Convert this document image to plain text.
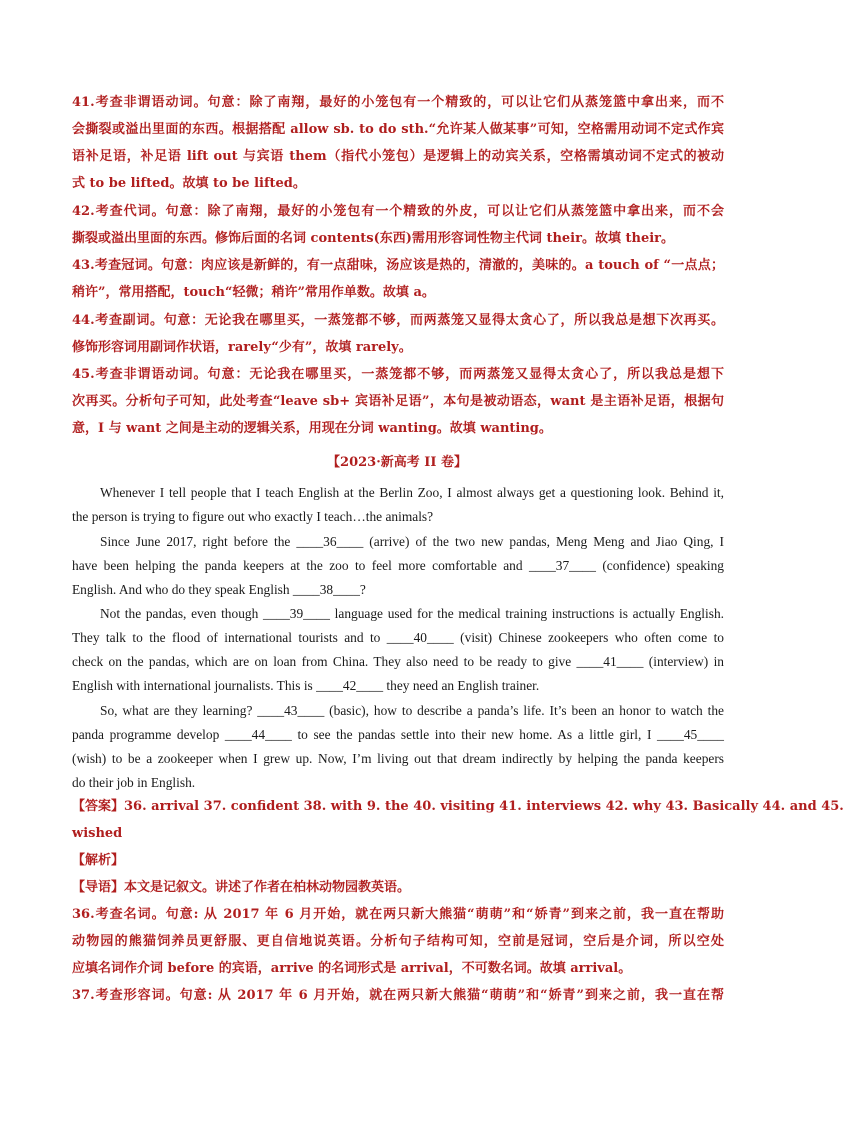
41.考查非谓语动词。句意：除了南翔，最好的小笼包有一个精致的，可以让它们从蒸笼篮中拿出来，而不
会撕裂或溢出里面的东西。根据搭配 allow sb. to do sth.“允许某人做某事”可知，空格需用动词不定式作宾
语补足语，补足语 lift out 与宾语 them（指代小笼包）是逻辑上的动宾关系，空格需填动词不定式的被动
式 to be lifted。故填 to be lifted。
42.考查代词。句意：除了南翔，最好的小笼包有一个精致的外皮，可以让它们从蒸笼篮中拿出来，而不会
撕裂或溢出里面的东西。修饰后面的名词 contents(东西)需用形容词性物主代词 their。故填 their。
43.考查冠词。句意：肉应该是新鲜的，有一点甜味，汤应该是热的，清澈的，美味的。a touch of “一点点；
稍许”，常用搭配，touch“轻微；稍许”常用作单数。故填 a。
44.考查副词。句意：无论我在哪里买，一蒸笼都不够，而两蒸笼又显得太贪心了，所以我总是想下次再买。
修饰形容词用副词作状语，rarely“少有”，故填 rarely。
45.考查非谓语动词。句意：无论我在哪里买，一蒸笼都不够，而两蒸笼又显得太贪心了，所以我总是想下
次再买。分析句子可知，此处考查“leave sb+ 宾语补足语”，本句是被动语态，want 是主语补足语，根据句
意，I 与 want 之间是主动的逻辑关系，用现在分词 wanting。故填 wanting。
【2023·新高考 II 卷】
Whenever I tell people that I teach English at the Berlin Zoo, I almost always get a questioning look. Behind it,
the person is trying to figure out who exactly I teach…the animals?
Since June 2017, right before the ____36____ (arrive) of the two new pandas, Meng Meng and Jiao Qing, I
have been helping the panda keepers at the zoo to feel more comfortable and ____37____ (confidence) speaking
English. And who do they speak English ____38____?
Not the pandas, even though ____39____ language used for the medical training instructions is actually English.
They talk to the flood of international tourists and to ____40____ (visit) Chinese zookeepers who often come to
check on the pandas, which are on loan from China. They also need to be ready to give ____41____ (interview) in
English with international journalists. This is ____42____ they need an English trainer.
So, what are they learning? ____43____ (basic), how to describe a panda’s life. It’s been an honor to watch the
panda programme develop ____44____ to see the pandas settle into their new home. As a little girl, I ____45____
(wish) to be a zookeeper when I grew up. Now, I’m living out that dream indirectly by helping the panda keepers
do their job in English.
【答案】36. arrival 37. confident 38. with 9. the 40. visiting 41. interviews 42. why 43. Basically 44. and 45.
wished
【解析】
【导语】本文是记叙文。讲述了作者在柏林动物园教英语。
36.考查名词。句意: 从 2017 年 6 月开始，就在两只新大熊猫“萌萌”和“娇青”到来之前，我一直在帮助
动物园的熊猫饲养员更舒服、更自信地说英语。分析句子结构可知，空前是冠词，空后是介词，所以空处
应填名词作介词 before 的宾语，arrive 的名词形式是 arrival，不可数名词。故填 arrival。
37.考查形容词。句意: 从 2017 年 6 月开始，就在两只新大熊猫“萌萌”和“娇青”到来之前，我一直在帮
